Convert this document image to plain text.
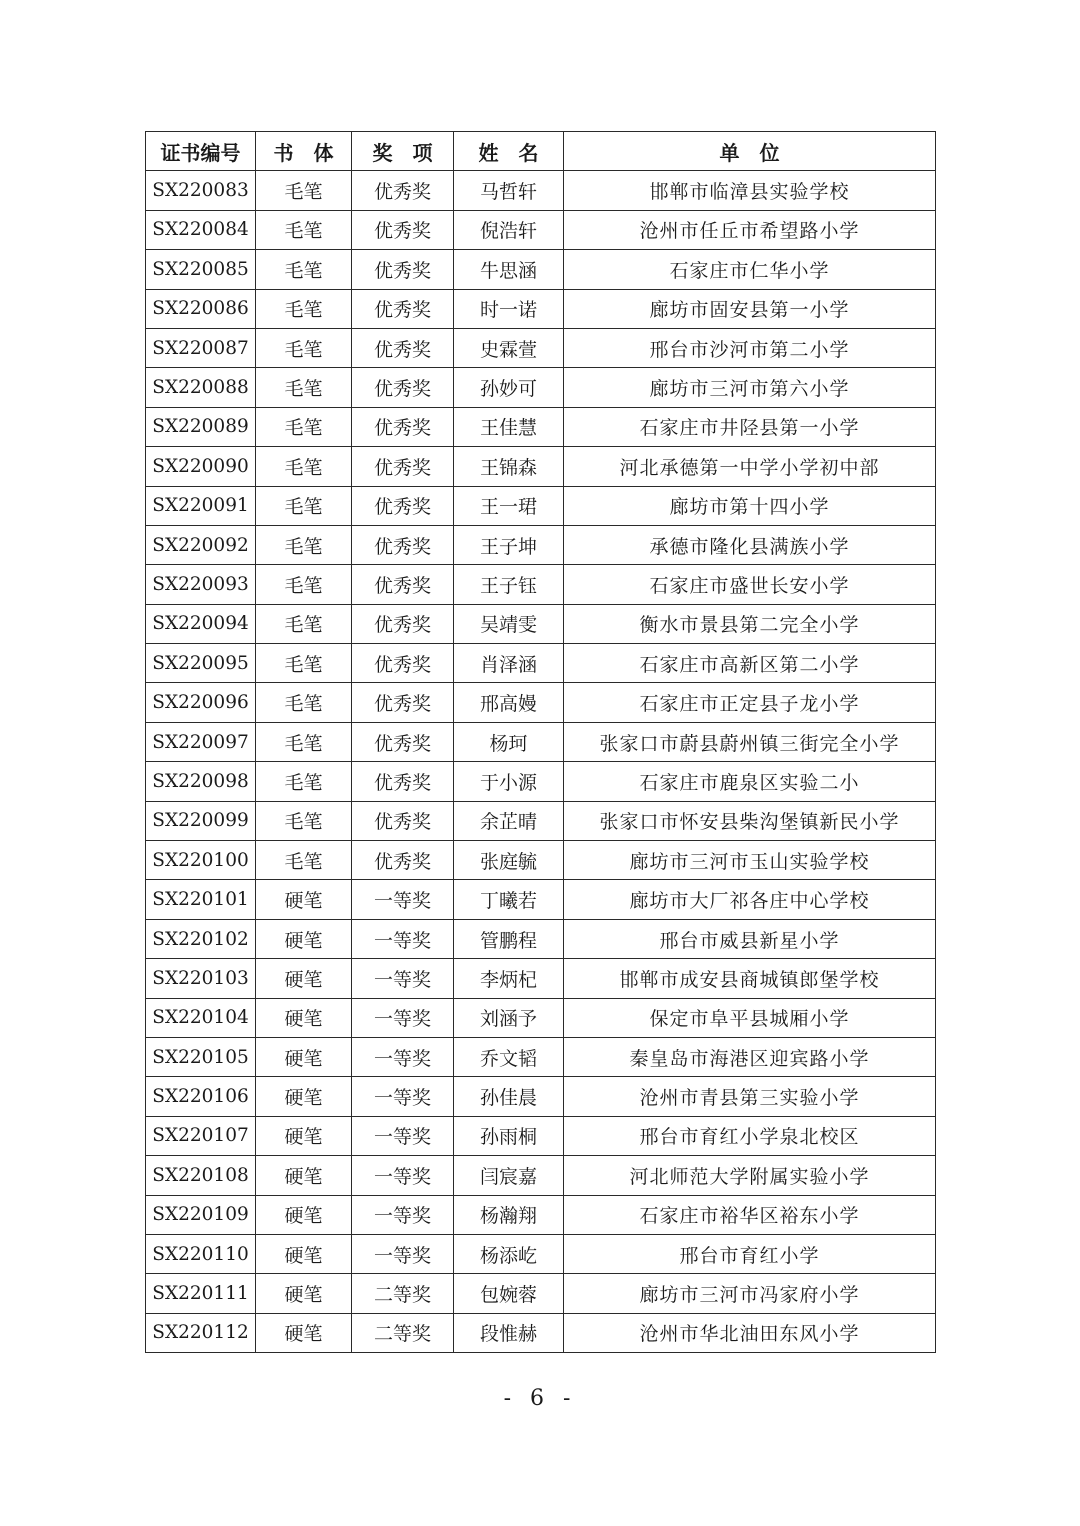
证书编号	书　体	奖　项	姓　名	单　位
SX220083	毛笔	优秀奖	马哲轩	邯郸市临漳县实验学校
SX220084	毛笔	优秀奖	倪浩轩	沧州市任丘市希望路小学
SX220085	毛笔	优秀奖	牛思涵	石家庄市仁华小学
SX220086	毛笔	优秀奖	时一诺	廊坊市固安县第一小学
SX220087	毛笔	优秀奖	史霖萱	邢台市沙河市第二小学
SX220088	毛笔	优秀奖	孙妙可	廊坊市三河市第六小学
SX220089	毛笔	优秀奖	王佳慧	石家庄市井陉县第一小学
SX220090	毛笔	优秀奖	王锦森	河北承德第一中学小学初中部
SX220091	毛笔	优秀奖	王一珺	廊坊市第十四小学
SX220092	毛笔	优秀奖	王子坤	承德市隆化县满族小学
SX220093	毛笔	优秀奖	王子钰	石家庄市盛世长安小学
SX220094	毛笔	优秀奖	吴靖雯	衡水市景县第二完全小学
SX220095	毛笔	优秀奖	肖泽涵	石家庄市高新区第二小学
SX220096	毛笔	优秀奖	邢高嫚	石家庄市正定县子龙小学
SX220097	毛笔	优秀奖	杨珂	张家口市蔚县蔚州镇三街完全小学
SX220098	毛笔	优秀奖	于小源	石家庄市鹿泉区实验二小
SX220099	毛笔	优秀奖	余芷晴	张家口市怀安县柴沟堡镇新民小学
SX220100	毛笔	优秀奖	张庭毓	廊坊市三河市玉山实验学校
SX220101	硬笔	一等奖	丁曦若	廊坊市大厂祁各庄中心学校
SX220102	硬笔	一等奖	管鹏程	邢台市威县新星小学
SX220103	硬笔	一等奖	李炳杞	邯郸市成安县商城镇郎堡学校
SX220104	硬笔	一等奖	刘涵予	保定市阜平县城厢小学
SX220105	硬笔	一等奖	乔文韬	秦皇岛市海港区迎宾路小学
SX220106	硬笔	一等奖	孙佳晨	沧州市青县第三实验小学
SX220107	硬笔	一等奖	孙雨桐	邢台市育红小学泉北校区
SX220108	硬笔	一等奖	闫宸嘉	河北师范大学附属实验小学
SX220109	硬笔	一等奖	杨瀚翔	石家庄市裕华区裕东小学
SX220110	硬笔	一等奖	杨添屹	邢台市育红小学
SX220111	硬笔	二等奖	包婉蓉	廊坊市三河市冯家府小学
SX220112	硬笔	二等奖	段惟赫	沧州市华北油田东风小学
- 6 -
